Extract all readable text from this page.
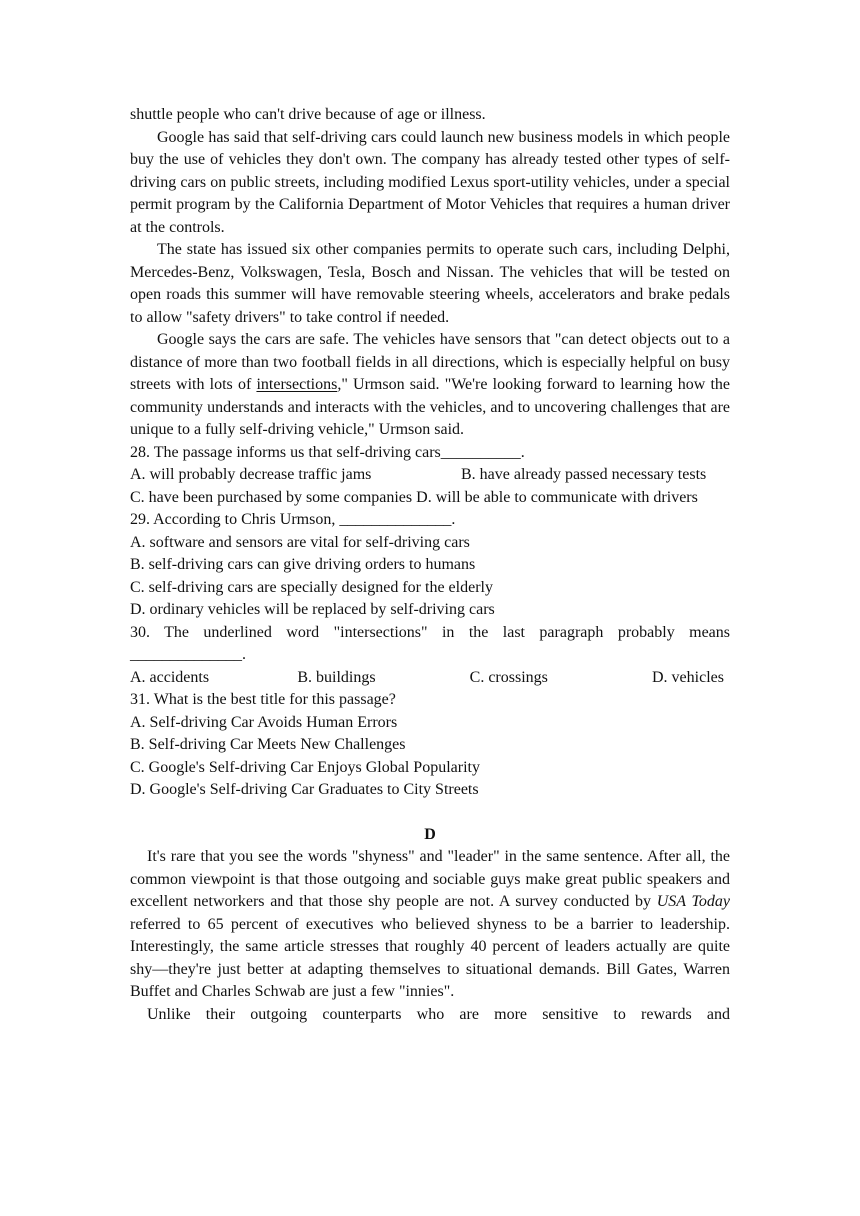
shuttle people who can't drive because of age or illness.

Google has said that self-driving cars could launch new business models in which people buy the use of vehicles they don't own. The company has already tested other types of self-driving cars on public streets, including modified Lexus sport-utility vehicles, under a special permit program by the California Department of Motor Vehicles that requires a human driver at the controls.

The state has issued six other companies permits to operate such cars, including Delphi, Mercedes-Benz, Volkswagen, Tesla, Bosch and Nissan. The vehicles that will be tested on open roads this summer will have removable steering wheels, accelerators and brake pedals to allow "safety drivers" to take control if needed.

Google says the cars are safe. The vehicles have sensors that "can detect objects out to a distance of more than two football fields in all directions, which is especially helpful on busy streets with lots of intersections," Urmson said. "We're looking forward to learning how the community understands and interacts with the vehicles, and to uncovering challenges that are unique to a fully self-driving vehicle," Urmson said.

28. The passage informs us that self-driving cars__________.

A. will probably decrease traffic jams	B. have already passed necessary tests

C. have been purchased by some companies D. will be able to communicate with drivers

29. According to Chris Urmson, ______________.

A. software and sensors are vital for self-driving cars

B. self-driving cars can give driving orders to humans

C. self-driving cars are specially designed for the elderly

D. ordinary vehicles will be replaced by self-driving cars

30. The underlined word "intersections" in the last paragraph probably means ______________.

A. accidents	B. buildings	C. crossings	D. vehicles

31. What is the best title for this passage?

A. Self-driving Car Avoids Human Errors

B. Self-driving Car Meets New Challenges

C. Google's Self-driving Car Enjoys Global Popularity

D. Google's Self-driving Car Graduates to City Streets

D

It's rare that you see the words "shyness" and "leader" in the same sentence. After all, the common viewpoint is that those outgoing and sociable guys make great public speakers and excellent networkers and that those shy people are not. A survey conducted by USA Today referred to 65 percent of executives who believed shyness to be a barrier to leadership. Interestingly, the same article stresses that roughly 40 percent of leaders actually are quite shy—they're just better at adapting themselves to situational demands. Bill Gates, Warren Buffet and Charles Schwab are just a few "innies".

Unlike their outgoing counterparts who are more sensitive to rewards and
